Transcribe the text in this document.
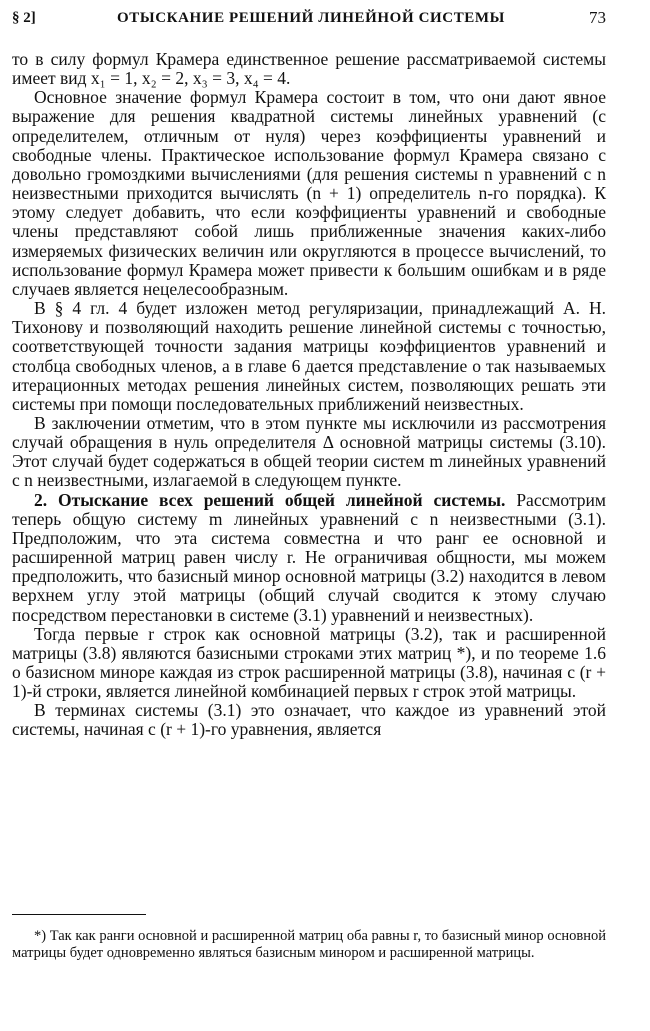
§ 2]	ОТЫСКАНИЕ РЕШЕНИЙ ЛИНЕЙНОЙ СИСТЕМЫ	73

то в силу формул Крамера единственное решение рассматриваемой системы имеет вид x₁ = 1, x₂ = 2, x₃ = 3, x₄ = 4.

Основное значение формул Крамера состоит в том, что они дают явное выражение для решения квадратной системы линейных уравнений (с определителем, отличным от нуля) через коэффициенты уравнений и свободные члены. Практическое использование формул Крамера связано с довольно громоздкими вычислениями (для решения системы n уравнений с n неизвестными приходится вычислять (n + 1) определитель n-го порядка). К этому следует добавить, что если коэффициенты уравнений и свободные члены представляют собой лишь приближенные значения каких-либо измеряемых физических величин или округляются в процессе вычислений, то использование формул Крамера может привести к большим ошибкам и в ряде случаев является нецелесообразным.

В § 4 гл. 4 будет изложен метод регуляризации, принадлежащий А. Н. Тихонову и позволяющий находить решение линейной системы с точностью, соответствующей точности задания матрицы коэффициентов уравнений и столбца свободных членов, а в главе 6 дается представление о так называемых итерационных методах решения линейных систем, позволяющих решать эти системы при помощи последовательных приближений неизвестных.

В заключении отметим, что в этом пункте мы исключили из рассмотрения случай обращения в нуль определителя Δ основной матрицы системы (3.10). Этот случай будет содержаться в общей теории систем m линейных уравнений с n неизвестными, излагаемой в следующем пункте.

2. Отыскание всех решений общей линейной системы. Рассмотрим теперь общую систему m линейных уравнений с n неизвестными (3.1). Предположим, что эта система совместна и что ранг ее основной и расширенной матриц равен числу r. Не ограничивая общности, мы можем предположить, что базисный минор основной матрицы (3.2) находится в левом верхнем углу этой матрицы (общий случай сводится к этому случаю посредством перестановки в системе (3.1) уравнений и неизвестных).

Тогда первые r строк как основной матрицы (3.2), так и расширенной матрицы (3.8) являются базисными строками этих матриц *), и по теореме 1.6 о базисном миноре каждая из строк расширенной матрицы (3.8), начиная с (r + 1)-й строки, является линейной комбинацией первых r строк этой матрицы.

В терминах системы (3.1) это означает, что каждое из уравнений этой системы, начиная с (r + 1)-го уравнения, является

*) Так как ранги основной и расширенной матриц оба равны r, то базисный минор основной матрицы будет одновременно являться базисным минором и расширенной матрицы.
